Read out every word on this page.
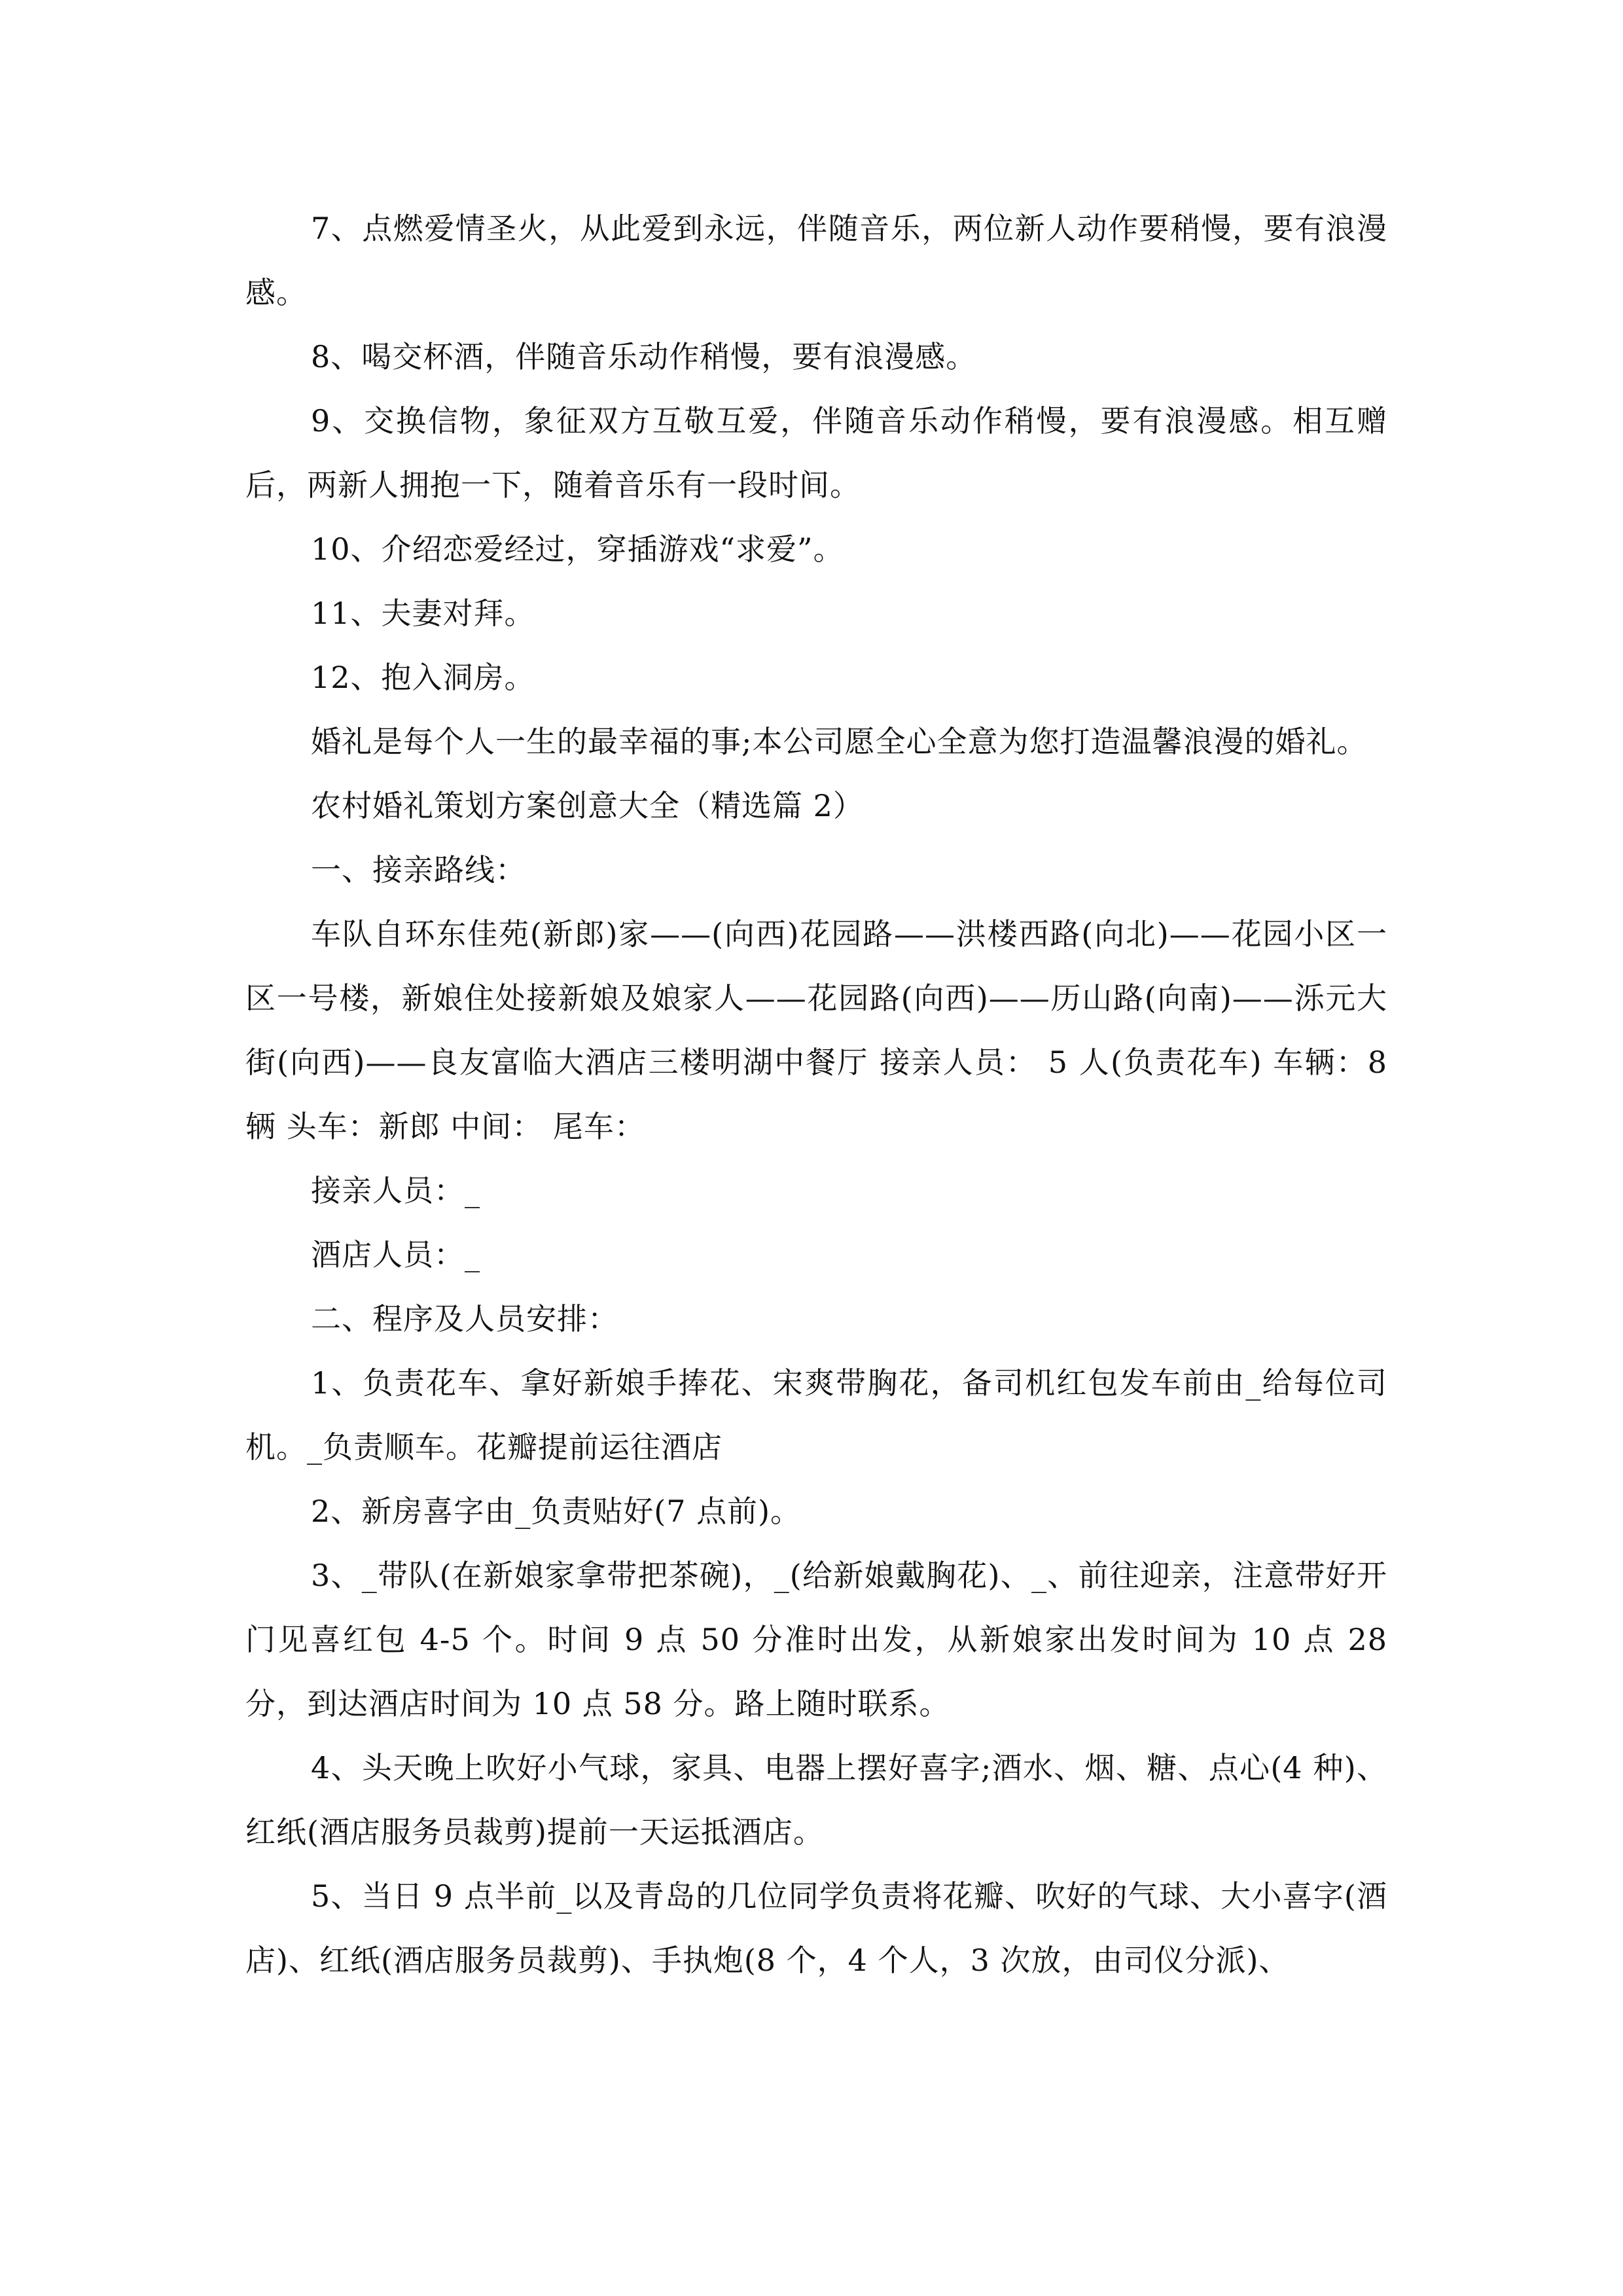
7、点燃爱情圣火，从此爱到永远，伴随音乐，两位新人动作要稍慢，要有浪漫感。

8、喝交杯酒，伴随音乐动作稍慢，要有浪漫感。

9、交换信物，象征双方互敬互爱，伴随音乐动作稍慢，要有浪漫感。相互赠后，两新人拥抱一下，随着音乐有一段时间。

10、介绍恋爱经过，穿插游戏“求爱”。

11、夫妻对拜。

12、抱入洞房。

婚礼是每个人一生的最幸福的事;本公司愿全心全意为您打造温馨浪漫的婚礼。

农村婚礼策划方案创意大全（精选篇 2）

一、接亲路线：

车队自环东佳苑(新郎)家——(向西)花园路——洪楼西路(向北)——花园小区一区一号楼，新娘住处接新娘及娘家人——花园路(向西)——历山路(向南)——泺元大街(向西)——良友富临大酒店三楼明湖中餐厅 接亲人员： 5 人(负责花车) 车辆：8 辆 头车：新郎 中间： 尾车：

接亲人员：_

酒店人员：_

二、程序及人员安排：

1、负责花车、拿好新娘手捧花、宋爽带胸花，备司机红包发车前由_给每位司机。_负责顺车。花瓣提前运往酒店

2、新房喜字由_负责贴好(7 点前)。

3、_带队(在新娘家拿带把茶碗)，_(给新娘戴胸花)、_、前往迎亲，注意带好开门见喜红包 4-5 个。时间 9 点 50 分准时出发，从新娘家出发时间为 10 点 28 分，到达酒店时间为 10 点 58 分。路上随时联系。

4、头天晚上吹好小气球，家具、电器上摆好喜字;酒水、烟、糖、点心(4 种)、红纸(酒店服务员裁剪)提前一天运抵酒店。

5、当日 9 点半前_以及青岛的几位同学负责将花瓣、吹好的气球、大小喜字(酒店)、红纸(酒店服务员裁剪)、手执炮(8 个，4 个人，3 次放，由司仪分派)、
